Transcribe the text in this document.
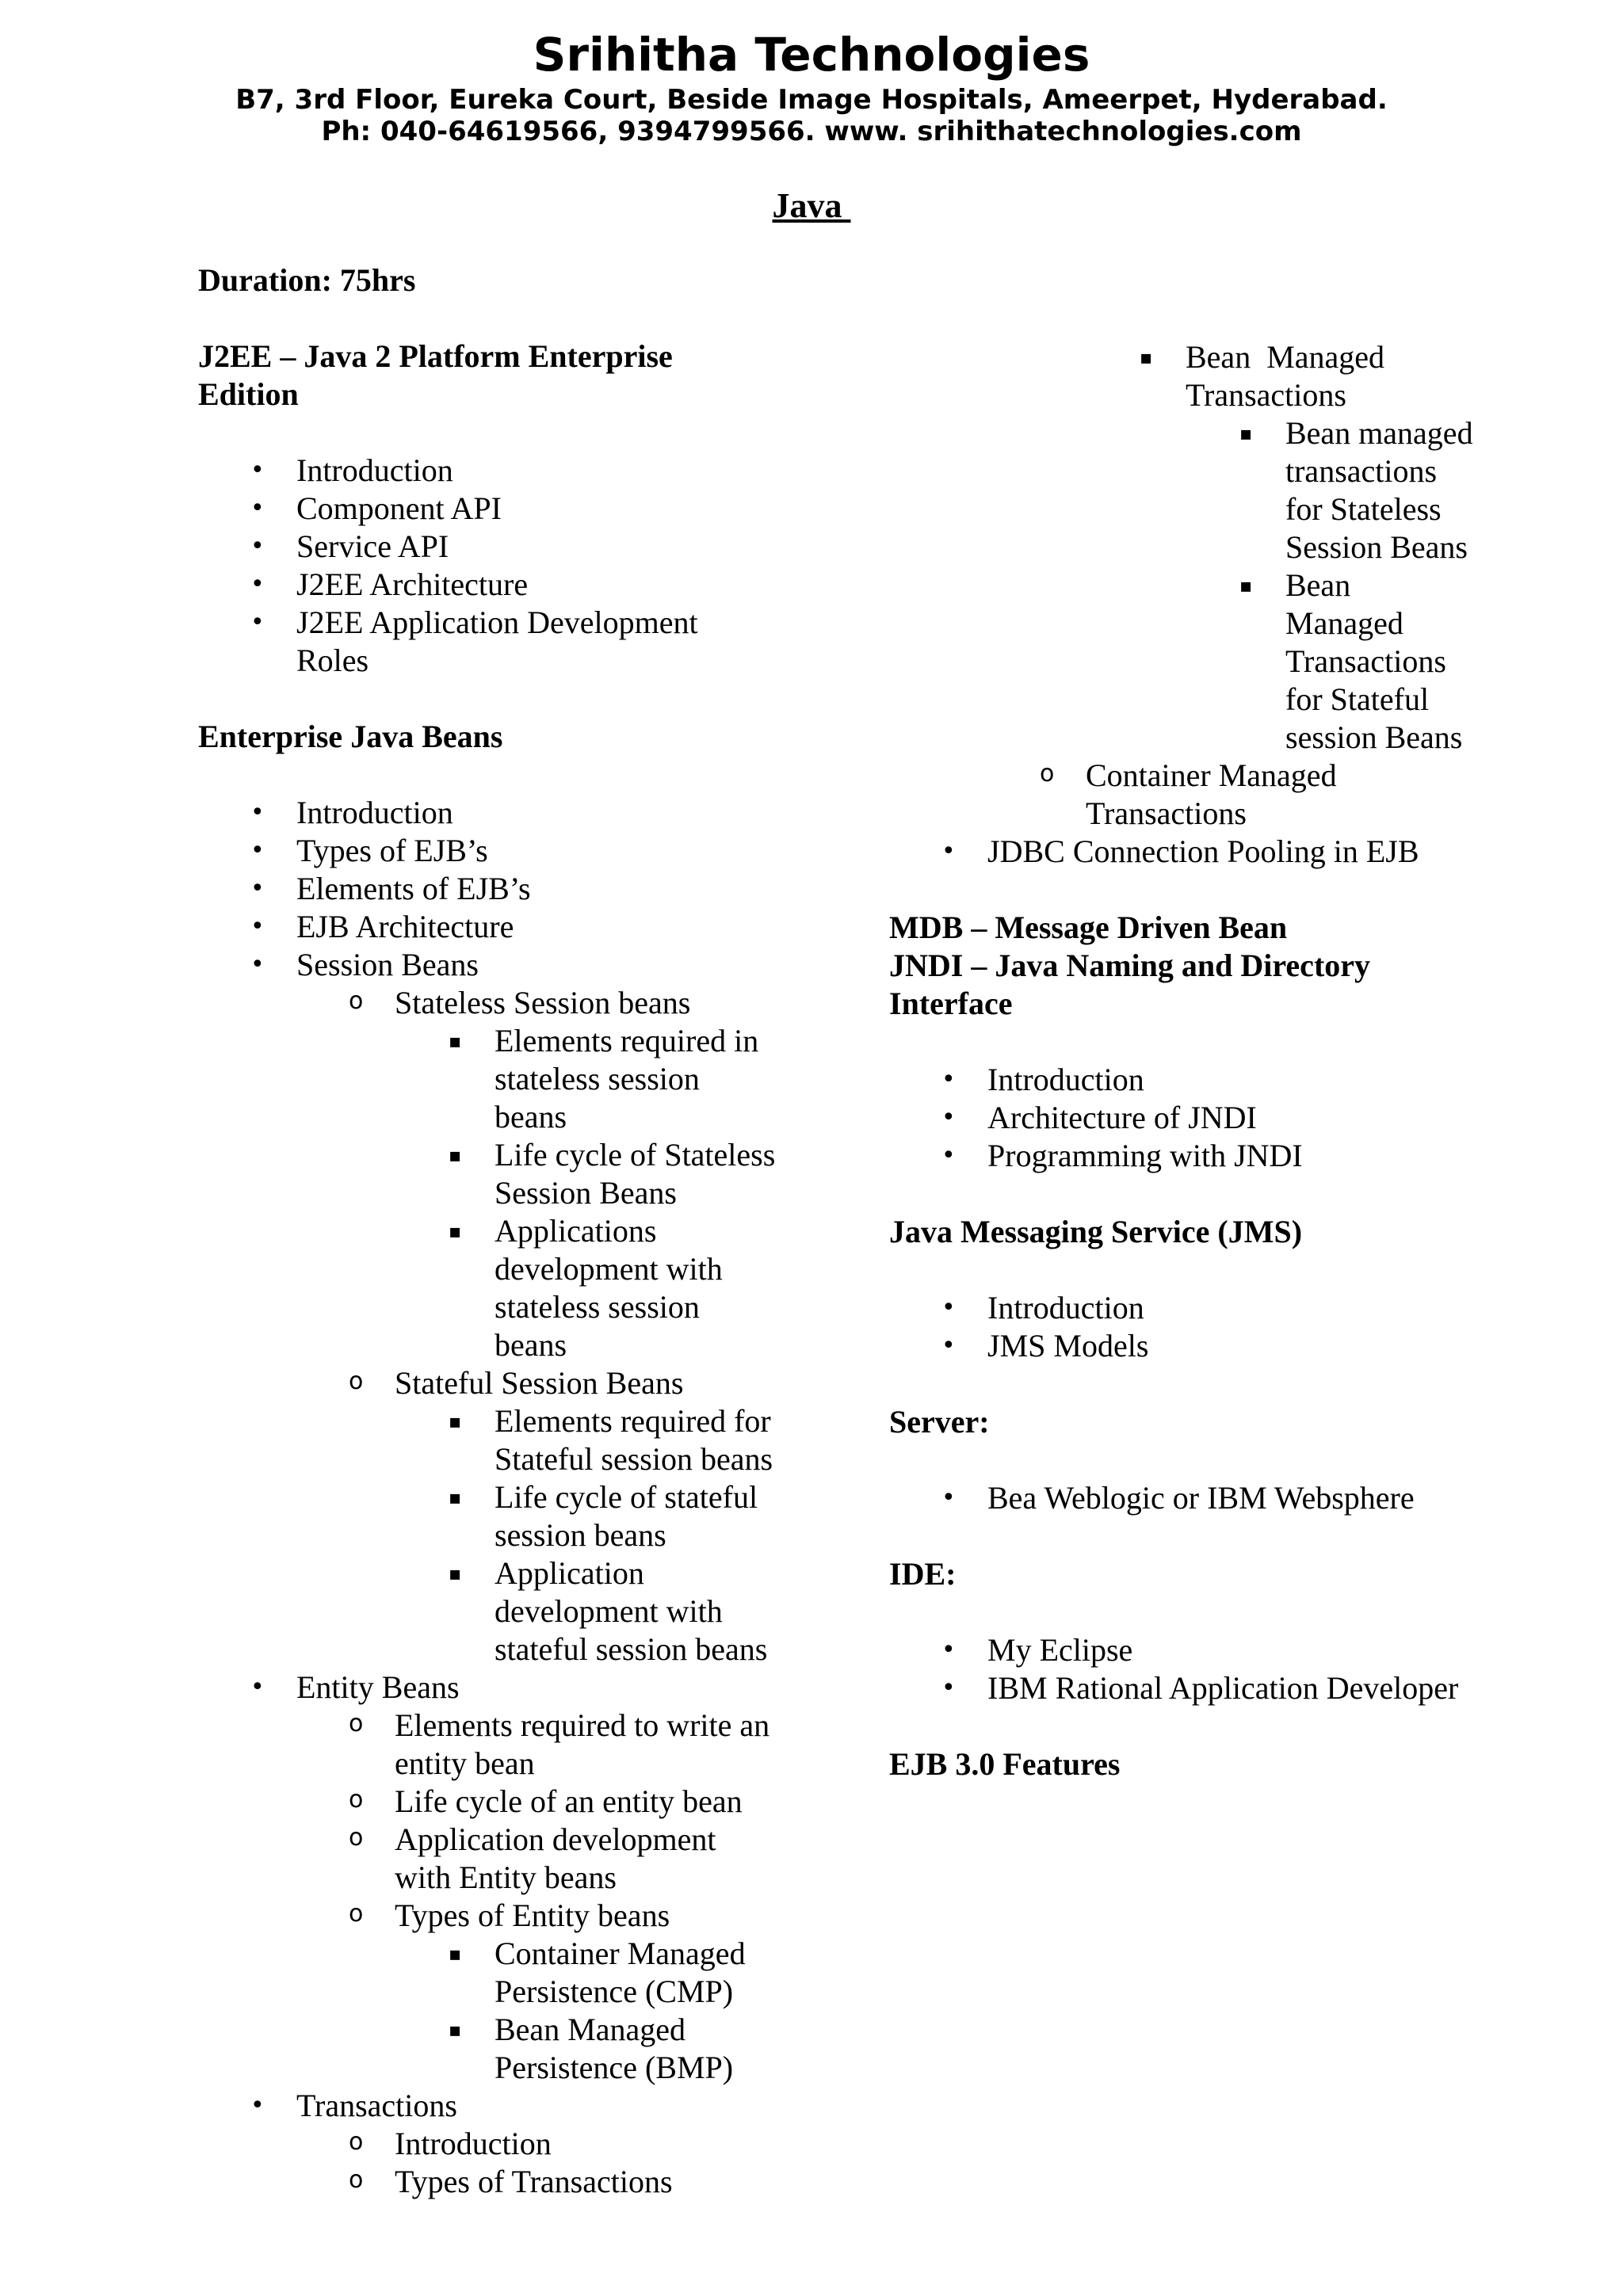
Srihitha Technologies
B7, 3rd Floor, Eureka Court, Beside Image Hospitals, Ameerpet, Hyderabad.
Ph: 040-64619566, 9394799566. www. srihithatechnologies.com
Java
Duration: 75hrs
J2EE – Java 2 Platform Enterprise
Edition
• Introduction
• Component API
• Service API
• J2EE Architecture
• J2EE Application Development
Roles
Enterprise Java Beans
• Introduction
• Types of EJB’s
• Elements of EJB’s
• EJB Architecture
• Session Beans
o Stateless Session beans
▪ Elements required in
stateless session
beans
▪ Life cycle of Stateless
Session Beans
▪ Applications
development with
stateless session
beans
o Stateful Session Beans
▪ Elements required for
Stateful session beans
▪ Life cycle of stateful
session beans
▪ Application
development with
stateful session beans
• Entity Beans
o Elements required to write an
entity bean
o Life cycle of an entity bean
o Application development
with Entity beans
o Types of Entity beans
▪ Container Managed
Persistence (CMP)
▪ Bean Managed
Persistence (BMP)
• Transactions
o Introduction
o Types of Transactions
▪ Bean  Managed
Transactions
▪ Bean managed
transactions
for Stateless
Session Beans
▪ Bean
Managed
Transactions
for Stateful
session Beans
o Container Managed
Transactions
• JDBC Connection Pooling in EJB
MDB – Message Driven Bean
JNDI – Java Naming and Directory
Interface
• Introduction
• Architecture of JNDI
• Programming with JNDI
Java Messaging Service (JMS)
• Introduction
• JMS Models
Server:
• Bea Weblogic or IBM Websphere
IDE:
• My Eclipse
• IBM Rational Application Developer
EJB 3.0 Features
